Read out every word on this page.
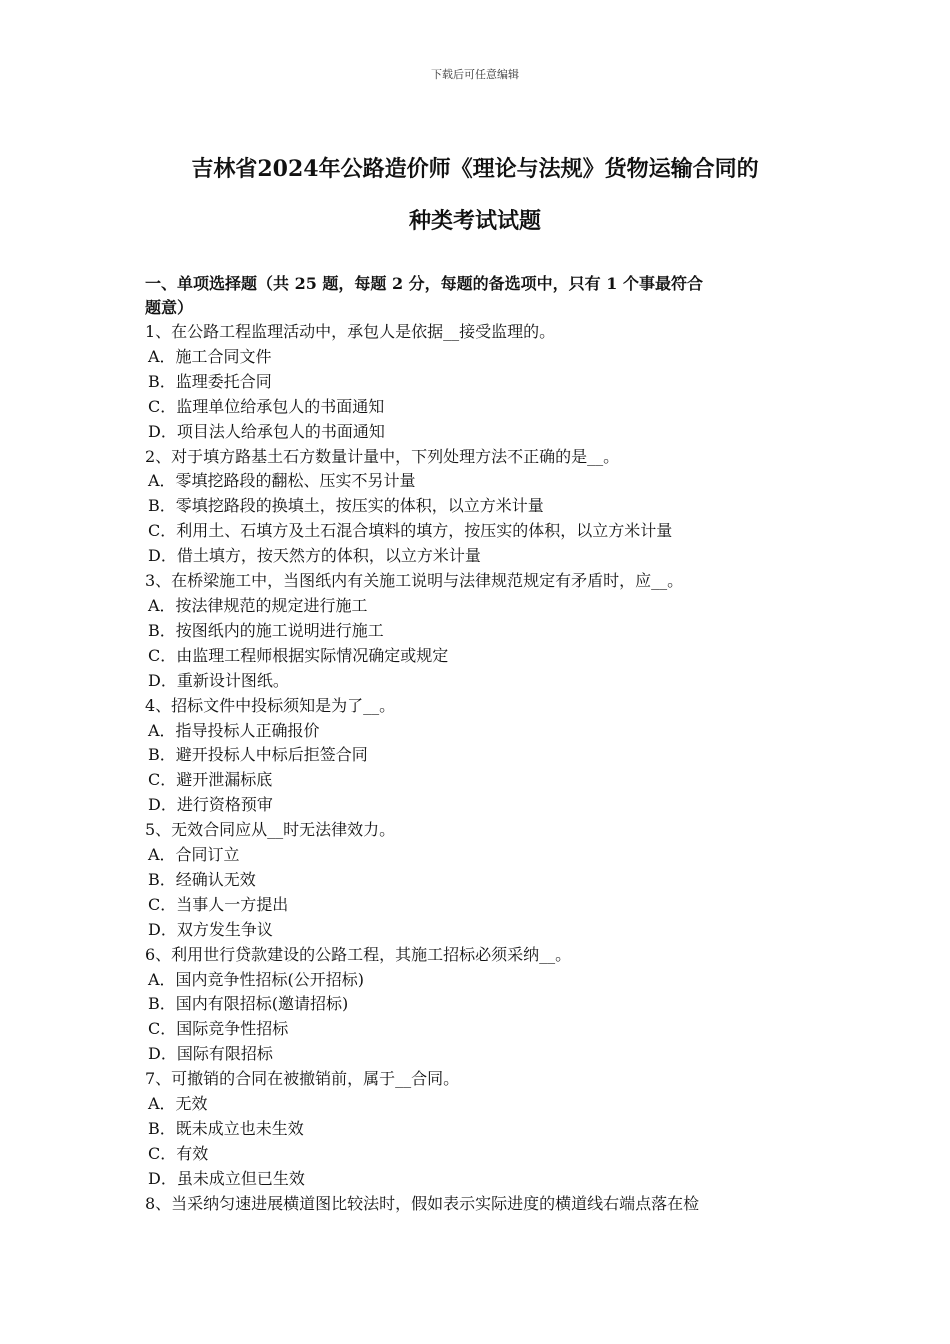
下载后可任意编辑
吉林省2024年公路造价师《理论与法规》货物运输合同的
种类考试试题

一、单项选择题（共 25 题，每题 2 分，每题的备选项中，只有 1 个事最符合

题意）

1、在公路工程监理活动中，承包人是依据__接受监理的。

A．施工合同文件

B．监理委托合同

C．监理单位给承包人的书面通知

D．项目法人给承包人的书面通知

2、对于填方路基土石方数量计量中，下列处理方法不正确的是__。

A．零填挖路段的翻松、压实不另计量

B．零填挖路段的换填土，按压实的体积，以立方米计量

C．利用土、石填方及土石混合填料的填方，按压实的体积，以立方米计量

D．借土填方，按天然方的体积，以立方米计量

3、在桥梁施工中，当图纸内有关施工说明与法律规范规定有矛盾时，应__。

A．按法律规范的规定进行施工

B．按图纸内的施工说明进行施工

C．由监理工程师根据实际情况确定或规定

D．重新设计图纸。

4、招标文件中投标须知是为了__。

A．指导投标人正确报价

B．避开投标人中标后拒签合同

C．避开泄漏标底

D．进行资格预审

5、无效合同应从__时无法律效力。

A．合同订立

B．经确认无效

C．当事人一方提出

D．双方发生争议

6、利用世行贷款建设的公路工程，其施工招标必须采纳__。

A．国内竞争性招标(公开招标)

B．国内有限招标(邀请招标)

C．国际竞争性招标

D．国际有限招标

7、可撤销的合同在被撤销前，属于__合同。

A．无效

B．既未成立也未生效

C．有效

D．虽未成立但已生效

8、当采纳匀速进展横道图比较法时，假如表示实际进度的横道线右端点落在检
